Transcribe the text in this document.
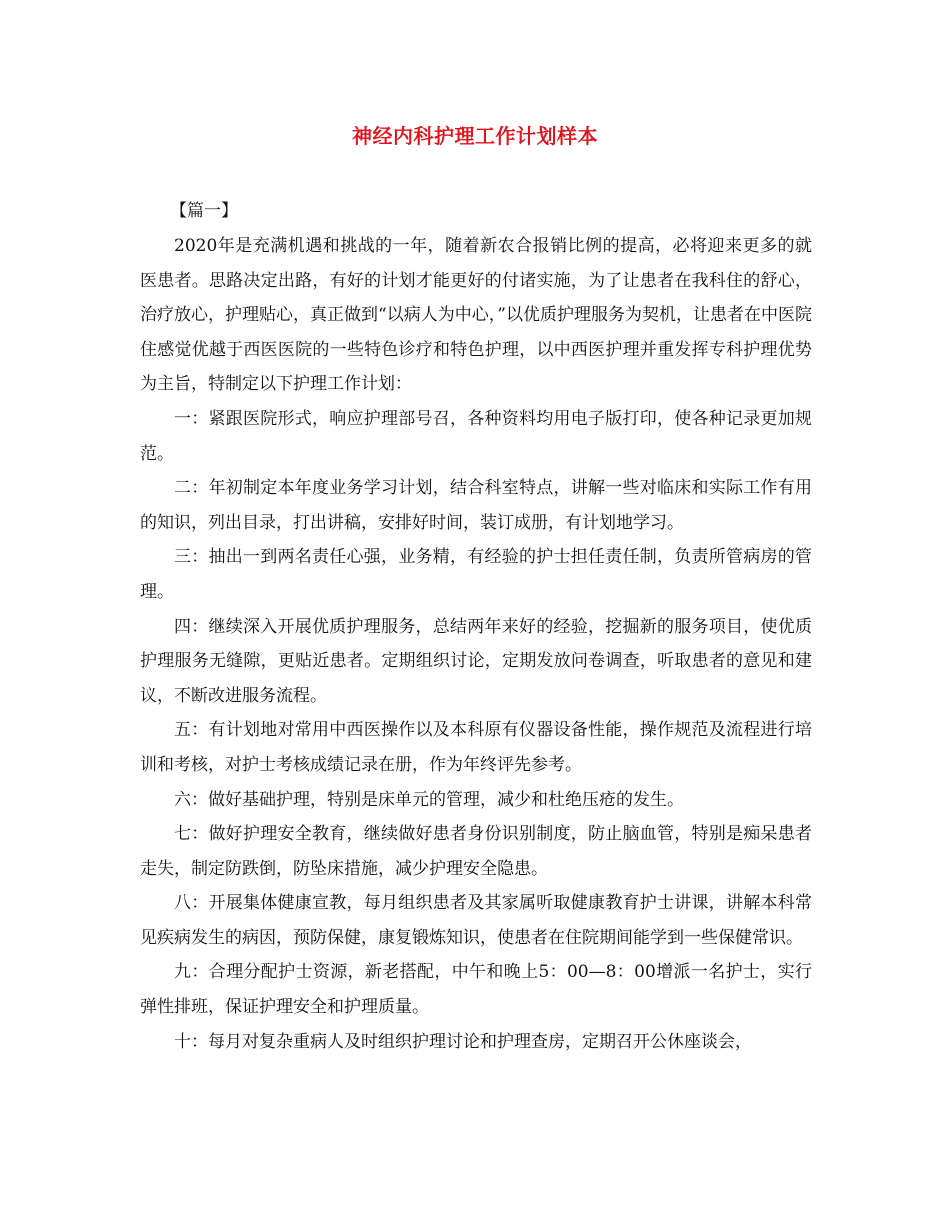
神经内科护理工作计划样本
【篇一】

2020年是充满机遇和挑战的一年，随着新农合报销比例的提高，必将迎来更多的就医患者。思路决定出路，有好的计划才能更好的付诸实施，为了让患者在我科住的舒心，治疗放心，护理贴心，真正做到“以病人为中心，”以优质护理服务为契机，让患者在中医院住感觉优越于西医医院的一些特色诊疗和特色护理，以中西医护理并重发挥专科护理优势为主旨，特制定以下护理工作计划：

一：紧跟医院形式，响应护理部号召，各种资料均用电子版打印，使各种记录更加规范。

二：年初制定本年度业务学习计划，结合科室特点，讲解一些对临床和实际工作有用的知识，列出目录，打出讲稿，安排好时间，装订成册，有计划地学习。

三：抽出一到两名责任心强，业务精，有经验的护士担任责任制，负责所管病房的管理。

四：继续深入开展优质护理服务，总结两年来好的经验，挖掘新的服务项目，使优质护理服务无缝隙，更贴近患者。定期组织讨论，定期发放问卷调查，听取患者的意见和建议，不断改进服务流程。

五：有计划地对常用中西医操作以及本科原有仪器设备性能，操作规范及流程进行培训和考核，对护士考核成绩记录在册，作为年终评先参考。

六：做好基础护理，特别是床单元的管理，减少和杜绝压疮的发生。

七：做好护理安全教育，继续做好患者身份识别制度，防止脑血管，特别是痴呆患者走失，制定防跌倒，防坠床措施，减少护理安全隐患。

八：开展集体健康宣教，每月组织患者及其家属听取健康教育护士讲课，讲解本科常见疾病发生的病因，预防保健，康复锻炼知识，使患者在住院期间能学到一些保健常识。

九：合理分配护士资源，新老搭配，中午和晚上5：00—8：00增派一名护士，实行弹性排班，保证护理安全和护理质量。

十：每月对复杂重病人及时组织护理讨论和护理查房，定期召开公休座谈会，
